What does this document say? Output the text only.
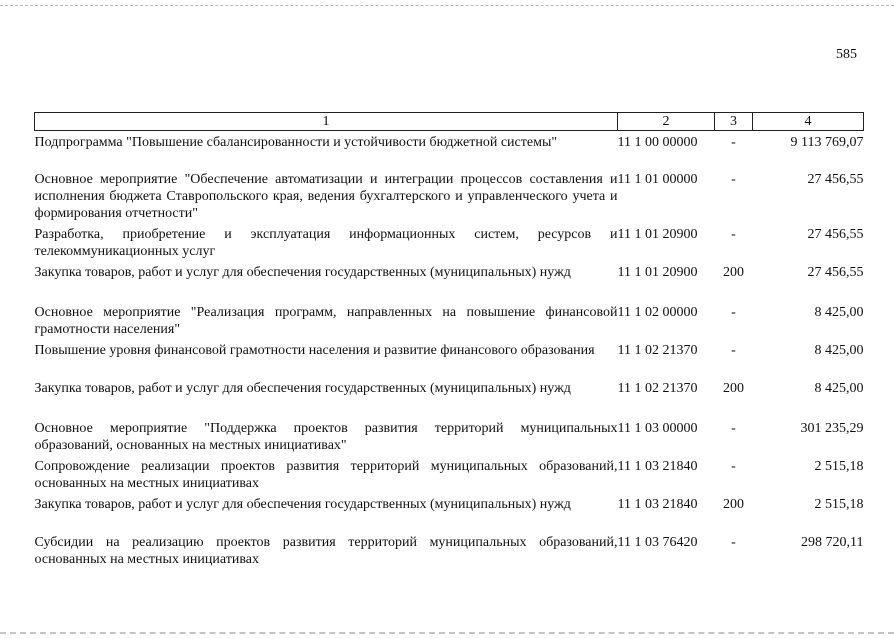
585
1	2	3	4
Подпрограмма "Повышение сбалансированности и устойчивости бюджетной системы"	11 1 00 00000	-	9 113 769,07
Основное мероприятие "Обеспечение автоматизации и интеграции процессов составления и исполнения бюджета Ставропольского края, ведения бухгалтерского и управленческого учета и формирования отчетности"	11 1 01 00000	-	27 456,55
Разработка, приобретение и эксплуатация информационных систем, ресурсов и телекоммуникационных услуг	11 1 01 20900	-	27 456,55
Закупка товаров, работ и услуг для обеспечения государственных (муниципальных) нужд	11 1 01 20900	200	27 456,55
Основное мероприятие "Реализация программ, направленных на повышение финансовой грамотности населения"	11 1 02 00000	-	8 425,00
Повышение уровня финансовой грамотности населения и развитие финансового образования	11 1 02 21370	-	8 425,00
Закупка товаров, работ и услуг для обеспечения государственных (муниципальных) нужд	11 1 02 21370	200	8 425,00
Основное мероприятие "Поддержка проектов развития территорий муниципальных образований, основанных на местных инициативах"	11 1 03 00000	-	301 235,29
Сопровождение реализации проектов развития территорий муниципальных образований, основанных на местных инициативах	11 1 03 21840	-	2 515,18
Закупка товаров, работ и услуг для обеспечения государственных (муниципальных) нужд	11 1 03 21840	200	2 515,18
Субсидии на реализацию проектов развития территорий муниципальных образований, основанных на местных инициативах	11 1 03 76420	-	298 720,11
